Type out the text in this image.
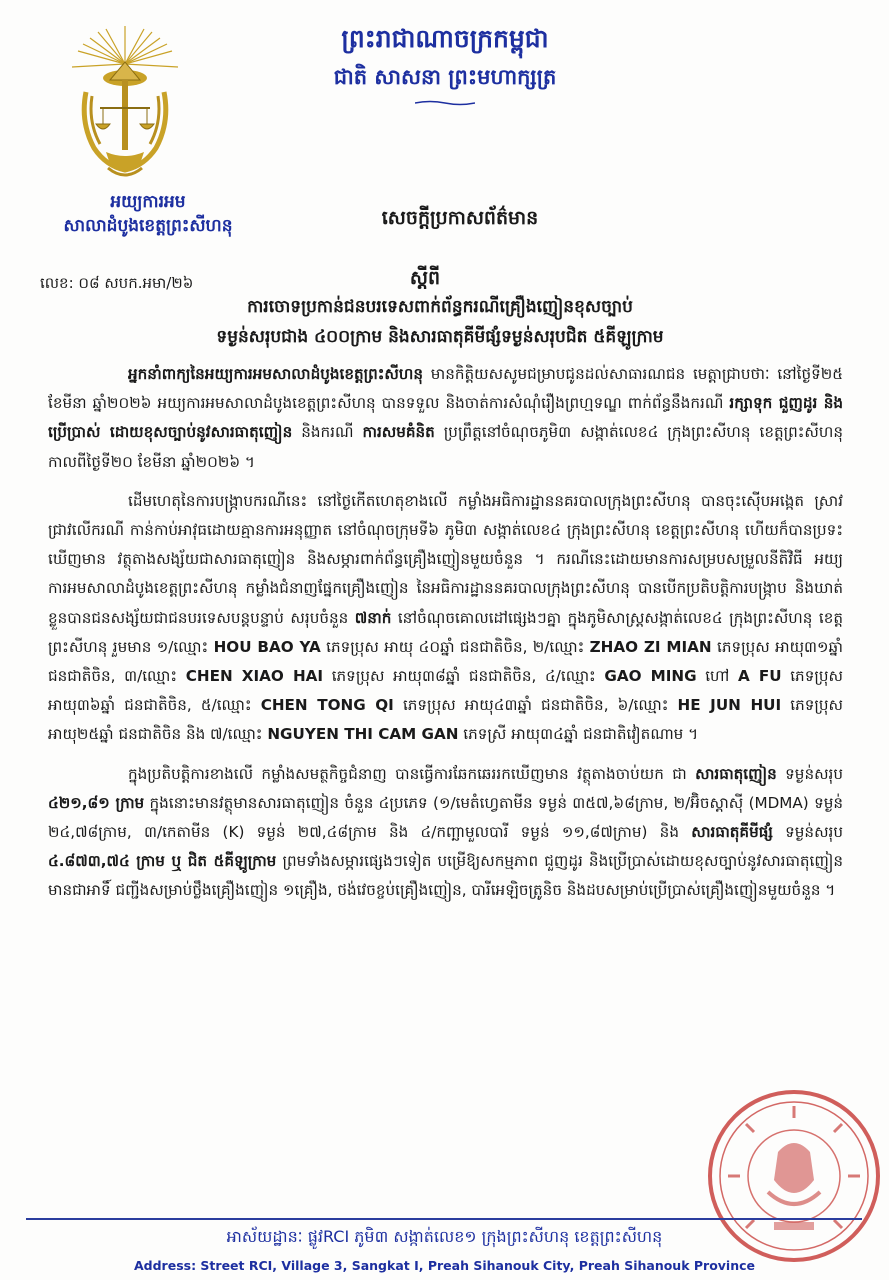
អយ្យការអម
សាលាដំបូងខេត្តព្រះសីហនុ
ព្រះរាជាណាចក្រកម្ពុជា
ជាតិ សាសនា ព្រះមហាក្សត្រ
សេចក្តីប្រកាសព័ត៌មាន
លេខ: ០៨ សបក.អមា/២៦	ស្តីពី
ការចោទប្រកាន់ជនបរទេសពាក់ព័ន្ធករណីគ្រឿងញៀនខុសច្បាប់
ទម្ងន់សរុបជាង ៤០០ក្រាម និងសារធាតុគីមីផ្សំទម្ងន់សរុបជិត ៥គីឡូក្រាម

អ្នកនាំពាក្យនៃអយ្យការអមសាលាដំបូងខេត្តព្រះសីហនុ មានកិត្តិយសសូមជម្រាបជូនដល់សាធារណជន មេត្តាជ្រាបថាៈ នៅថ្ងៃទី២៥ ខែមីនា ឆ្នាំ២០២៦ អយ្យការអមសាលាដំបូងខេត្តព្រះសីហនុ បានទទួល និងចាត់ការសំណុំរឿងព្រហ្មទណ្ឌ ពាក់ព័ន្ធនឹងករណី រក្សាទុក ជួញដូរ និងប្រើប្រាស់ ដោយខុសច្បាប់នូវសារធាតុញៀន និងករណី ការសមគំនិត ប្រព្រឹត្តនៅចំណុចភូមិ៣ សង្កាត់លេខ៤ ក្រុងព្រះសីហនុ ខេត្តព្រះសីហនុ កាលពីថ្ងៃទី២០ ខែមីនា ឆ្នាំ២០២៦ ។

ដើមហេតុនៃការបង្ក្រាបករណីនេះ នៅថ្ងៃកើតហេតុខាងលើ កម្លាំងអធិការដ្ឋាននគរបាលក្រុងព្រះសីហនុ បានចុះស៊ើបអង្កេត ស្រាវជ្រាវលើករណី កាន់កាប់អាវុធដោយគ្មានការអនុញ្ញាត នៅចំណុចក្រុមទី៦ ភូមិ៣ សង្កាត់លេខ៤ ក្រុងព្រះសីហនុ ខេត្តព្រះសីហនុ ហើយក៏បានប្រទះឃើញមាន វត្ថុតាងសង្ស័យជាសារធាតុញៀន និងសម្ភារពាក់ព័ន្ធគ្រឿងញៀនមួយចំនួន ។ ករណីនេះដោយមានការសម្របសម្រួលនីតិវិធី អយ្យការអមសាលាដំបូងខេត្តព្រះសីហនុ កម្លាំងជំនាញផ្នែកគ្រឿងញៀន នៃអធិការដ្ឋាននគរបាលក្រុងព្រះសីហនុ បានបើកប្រតិបត្តិការបង្ក្រាប និងឃាត់ខ្លួនបានជនសង្ស័យជាជនបរទេសបន្តបន្ទាប់ សរុបចំនួន ៧នាក់ នៅចំណុចគោលដៅផ្សេងៗគ្នា ក្នុងភូមិសាស្ត្រសង្កាត់លេខ៤ ក្រុងព្រះសីហនុ ខេត្តព្រះសីហនុ រួមមាន ១/ឈ្មោះ HOU BAO YA ភេទប្រុស អាយុ ៤០ឆ្នាំ ជនជាតិចិន, ២/ឈ្មោះ ZHAO ZI MIAN ភេទប្រុស អាយុ៣១ឆ្នាំ ជនជាតិចិន, ៣/ឈ្មោះ CHEN XIAO HAI ភេទប្រុស អាយុ៣៨ឆ្នាំ ជនជាតិចិន, ៤/ឈ្មោះ GAO MING ហៅ A FU ភេទប្រុស អាយុ៣៦ឆ្នាំ ជនជាតិចិន, ៥/ឈ្មោះ CHEN TONG QI ភេទប្រុស អាយុ៤៣ឆ្នាំ ជនជាតិចិន, ៦/ឈ្មោះ HE JUN HUI ភេទប្រុស អាយុ២៥ឆ្នាំ ជនជាតិចិន និង ៧/ឈ្មោះ NGUYEN THI CAM GAN ភេទស្រី អាយុ៣៤ឆ្នាំ ជនជាតិវៀតណាម ។

ក្នុងប្រតិបត្តិការខាងលើ កម្លាំងសមត្ថកិច្ចជំនាញ បានធ្វើការឆែកឆេររកឃើញមាន វត្ថុតាងចាប់យក ជា សារធាតុញៀន ទម្ងន់សរុប ៤២១,៨១ ក្រាម ក្នុងនោះមានវត្ថុមានសារធាតុញៀន ចំនួន ៤ប្រភេទ (១/មេតំហ្វេតាមីន ទម្ងន់ ៣៥៧,៦៨ក្រាម, ២/អ៊ិចស្តាស៊ី (MDMA) ទម្ងន់ ២៤,៧៨ក្រាម, ៣/កេតាមីន (K) ទម្ងន់ ២៧,៤៨ក្រាម និង ៤/កញ្ឆាមួលបារី ទម្ងន់ ១១,៨៧ក្រាម) និង សារធាតុគីមីផ្សំ ទម្ងន់សរុប ៤.៨៧៣,៧៤ ក្រាម ឬ ជិត ៥គីឡូក្រាម ព្រមទាំងសម្ភារផ្សេងៗទៀត បម្រើឱ្យសកម្មភាព ជួញដូរ និងប្រើប្រាស់ដោយខុសច្បាប់នូវសារធាតុញៀន មានជាអាទិ៍ ជញ្ជីងសម្រាប់ថ្លឹងគ្រឿងញៀន ១គ្រឿង, ថង់វេចខ្ចប់គ្រឿងញៀន, បារីអេឡិចត្រូនិច និងដបសម្រាប់ប្រើប្រាស់គ្រឿងញៀនមួយចំនួន ។

អាស័យដ្ឋានៈ ផ្លូវRCI ភូមិ៣ សង្កាត់លេខ១ ក្រុងព្រះសីហនុ ខេត្តព្រះសីហនុ
Address: Street RCI, Village 3, Sangkat I, Preah Sihanouk City, Preah Sihanouk Province
